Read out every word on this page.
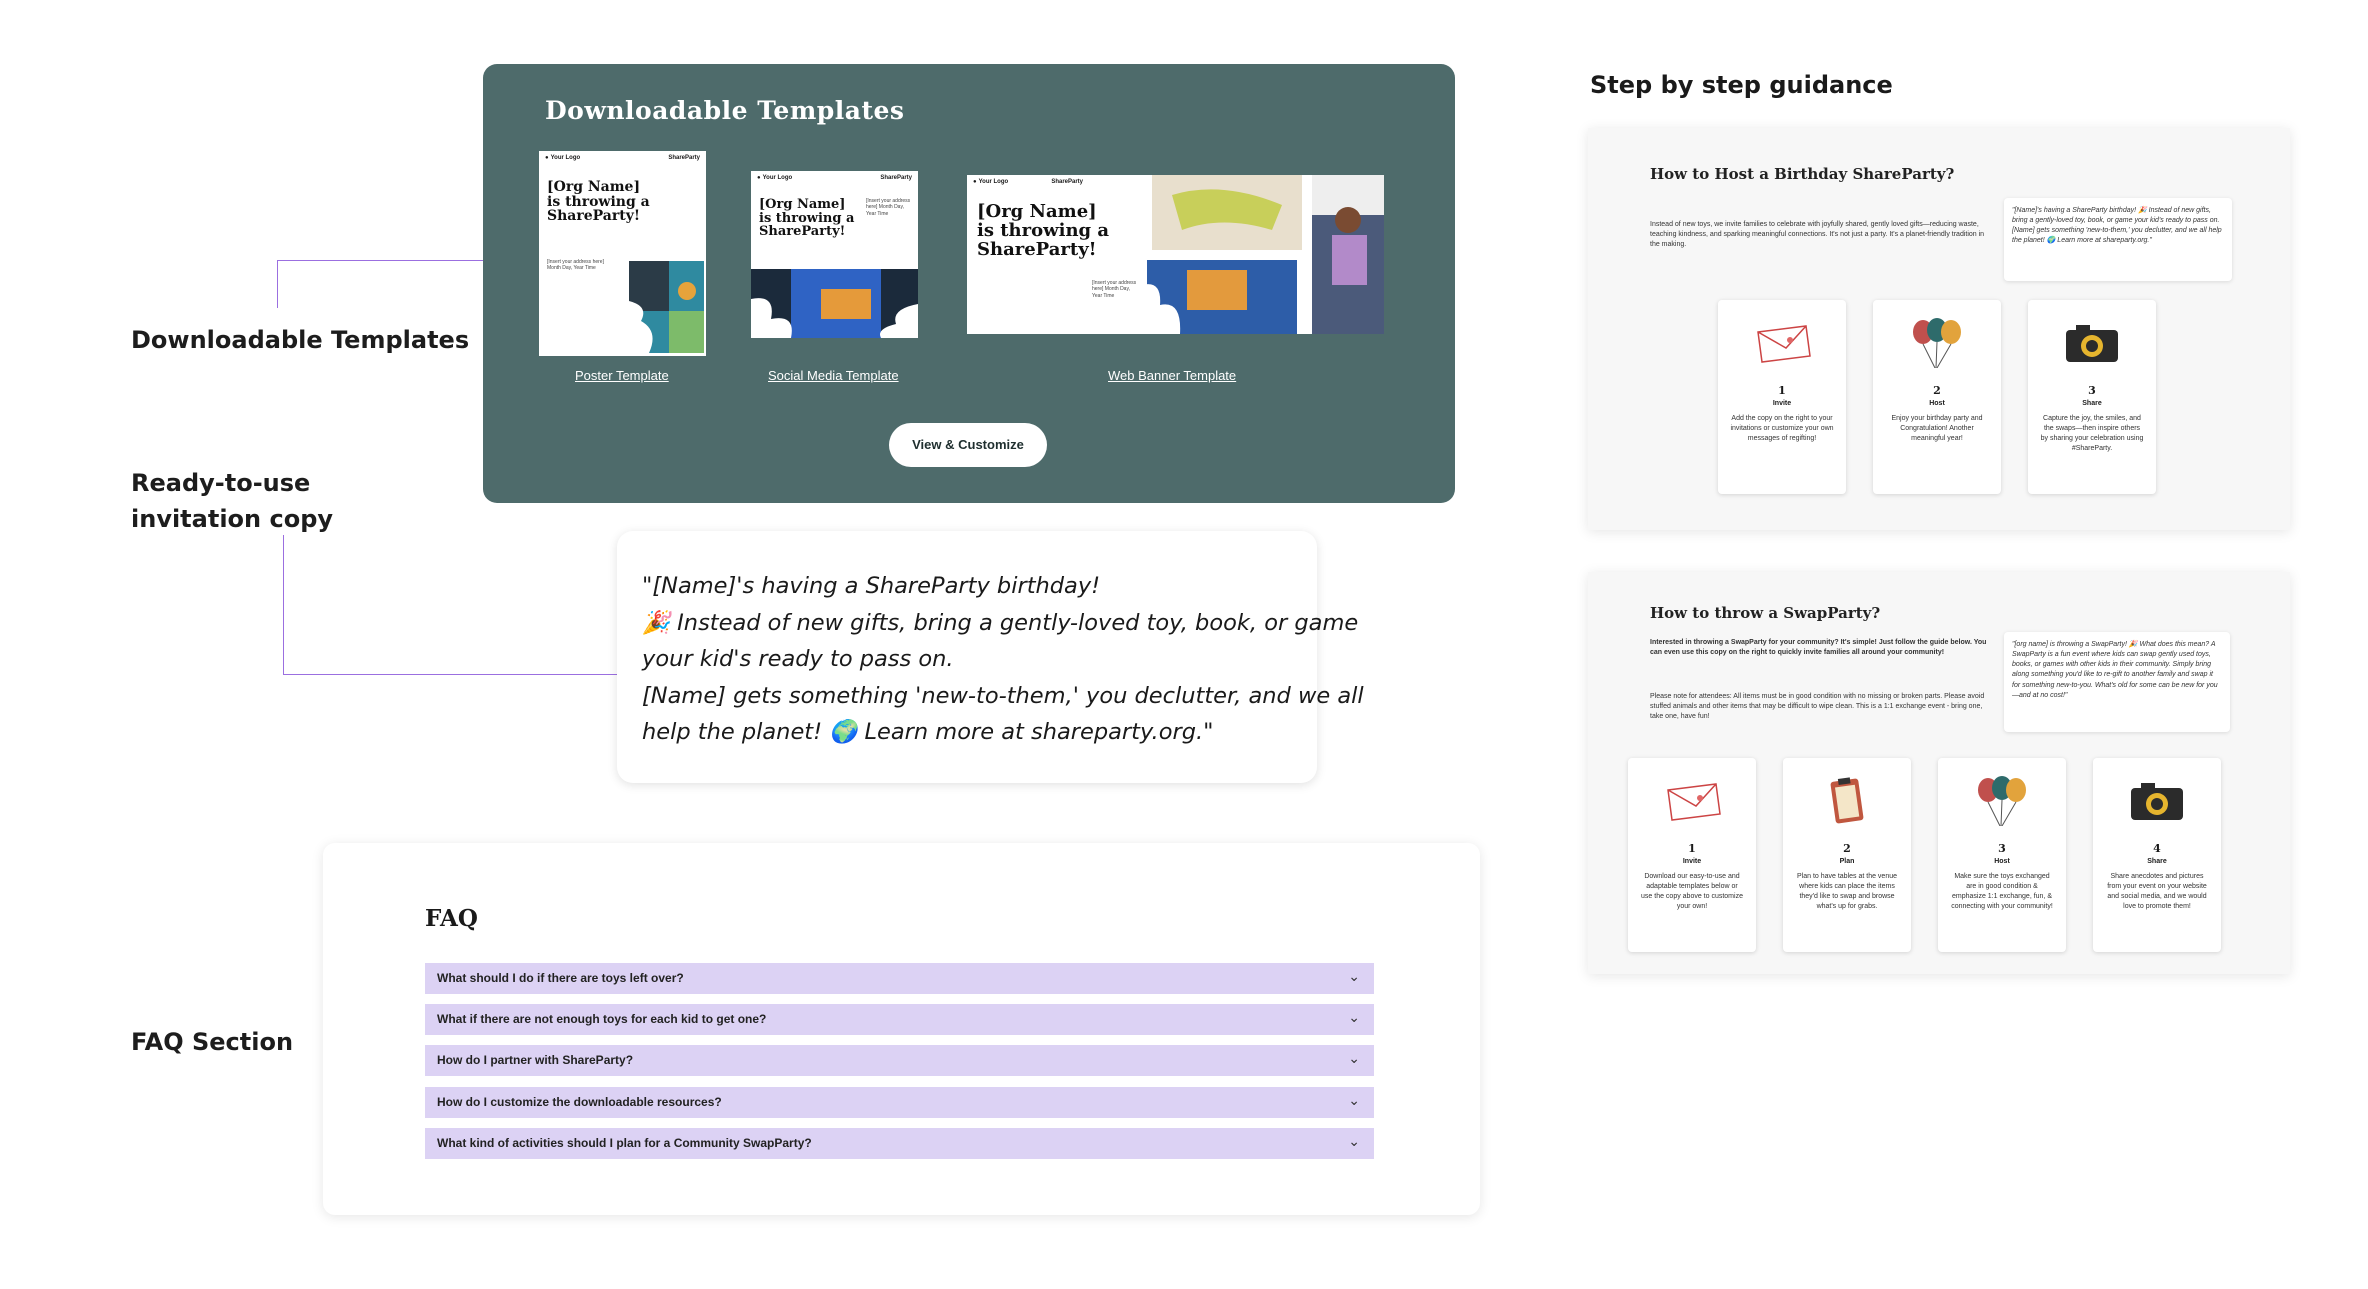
Downloadable Templates
Ready-to-use invitation copy
FAQ Section
Downloadable Templates
● Your Logo	ShareParty
[Org Name]
is throwing a
ShareParty!
[Insert your address here] Month Day, Year Time
Poster Template
● Your Logo	ShareParty
[Org Name]
is throwing a
ShareParty!
[Insert your address here] Month Day, Year Time
Social Media Template
● Your Logo	ShareParty
[Org Name]
is throwing a
ShareParty!
[Insert your address here] Month Day, Year Time
Web Banner Template
View & Customize
"[Name]'s having a ShareParty birthday!
🎉 Instead of new gifts, bring a gently-loved toy, book, or game
your kid's ready to pass on.
[Name] gets something 'new-to-them,' you declutter, and we all
help the planet! 🌍 Learn more at shareparty.org."
FAQ
What should I do if there are toys left over?	⌄
What if there are not enough toys for each kid to get one?	⌄
How do I partner with ShareParty?	⌄
How do I customize the downloadable resources?	⌄
What kind of activities should I plan for a Community SwapParty?	⌄
Step by step guidance
How to Host a Birthday ShareParty?
Instead of new toys, we invite families to celebrate with joyfully shared, gently loved gifts—reducing waste, teaching kindness, and sparking meaningful connections. It's not just a party. It's a planet-friendly tradition in the making.
"[Name]'s having a ShareParty birthday! 🎉 Instead of new gifts, bring a gently-loved toy, book, or game your kid's ready to pass on. [Name] gets something 'new-to-them,' you declutter, and we all help the planet! 🌍 Learn more at shareparty.org."
1
Invite
Add the copy on the right to your invitations or customize your own messages of regifting!
2
Host
Enjoy your birthday party and Congratulation! Another meaningful year!
3
Share
Capture the joy, the smiles, and the swaps—then inspire others by sharing your celebration using #ShareParty.
How to throw a SwapParty?
Interested in throwing a SwapParty for your community? It's simple! Just follow the guide below. You can even use this copy on the right to quickly invite families all around your community!
Please note for attendees: All items must be in good condition with no missing or broken parts. Please avoid stuffed animals and other items that may be difficult to wipe clean. This is a 1:1 exchange event - bring one, take one, have fun!
"[org name] is throwing a SwapParty! 🎉 What does this mean? A SwapParty is a fun event where kids can swap gently used toys, books, or games with other kids in their community. Simply bring along something you'd like to re-gift to another family and swap it for something new-to-you. What's old for some can be new for you—and at no cost!"
1
Invite
Download our easy-to-use and adaptable templates below or use the copy above to customize your own!
2
Plan
Plan to have tables at the venue where kids can place the items they'd like to swap and browse what's up for grabs.
3
Host
Make sure the toys exchanged are in good condition & emphasize 1:1 exchange, fun, & connecting with your community!
4
Share
Share anecdotes and pictures from your event on your website and social media, and we would love to promote them!
